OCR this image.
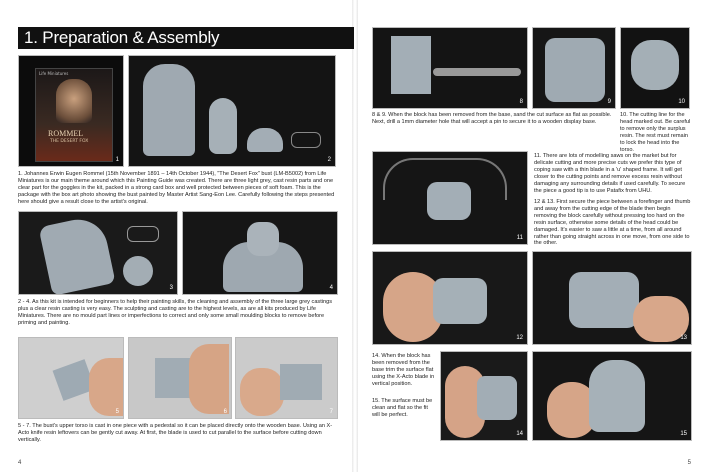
1. Preparation & Assembly
Life Miniatures
ROMMEL
THE DESERT FOX
1	2
1. Johannes Erwin Eugen Rommel (15th November 1891 – 14th October 1944), "The Desert Fox" bust (LM-B5002) from Life Miniatures is our main theme around which this Painting Guide was created. There are three light grey, cast resin parts and one clear part for the goggles in the kit, packed in a strong card box and well protected between pieces of soft foam. This is the package with the box art photo showing the bust painted by Master Artist Sang-Eon Lee. Carefully following the steps presented here should give a result close to the artist's original.
3	4
2 - 4. As this kit is intended for beginners to help their painting skills, the cleaning and assembly of the three large grey castings plus a clear resin casting is very easy. The sculpting and casting are to the highest levels, as are all kits produced by Life Miniatures. There are no mould part lines or imperfections to correct and only some small moulding blocks to remove before priming and painting.
5	6	7
5 - 7. The bust's upper torso is cast in one piece with a pedestal so it can be placed directly onto the wooden base. Using an X-Acto knife resin leftovers can be gently cut away. At first, the blade is used to cut parallel to the surface before cutting down vertically.
4
8	9	10
8 & 9. When the block has been removed from the base, sand the cut surface as flat as possible. Next, drill a 1mm diameter hole that will accept a pin to secure it to a wooden display base.
10. The cutting line for the head marked out. Be careful to remove only the surplus resin. The rest must remain to lock the head into the torso.
11
11. There are lots of modelling saws on the market but for delicate cutting and more precise cuts we prefer this type of coping saw with a thin blade in a 'u' shaped frame. It will get closer to the cutting points and remove excess resin without damaging any surrounding details if used carefully. To secure the piece a good tip is to use Patafix from UHU.
12 & 13. First secure the piece between a forefinger and thumb and away from the cutting edge of the blade then begin removing the block carefully without pressing too hard on the resin surface, otherwise some details of the head could be damaged. It's easier to saw a little at a time, from all around rather than going straight across in one move, from one side to the other.
12	13
14. When the block has been removed from the base trim the surface flat using the X-Acto blade in vertical position.
15. The surface must be clean and flat so the fit will be perfect.
14	15
5
